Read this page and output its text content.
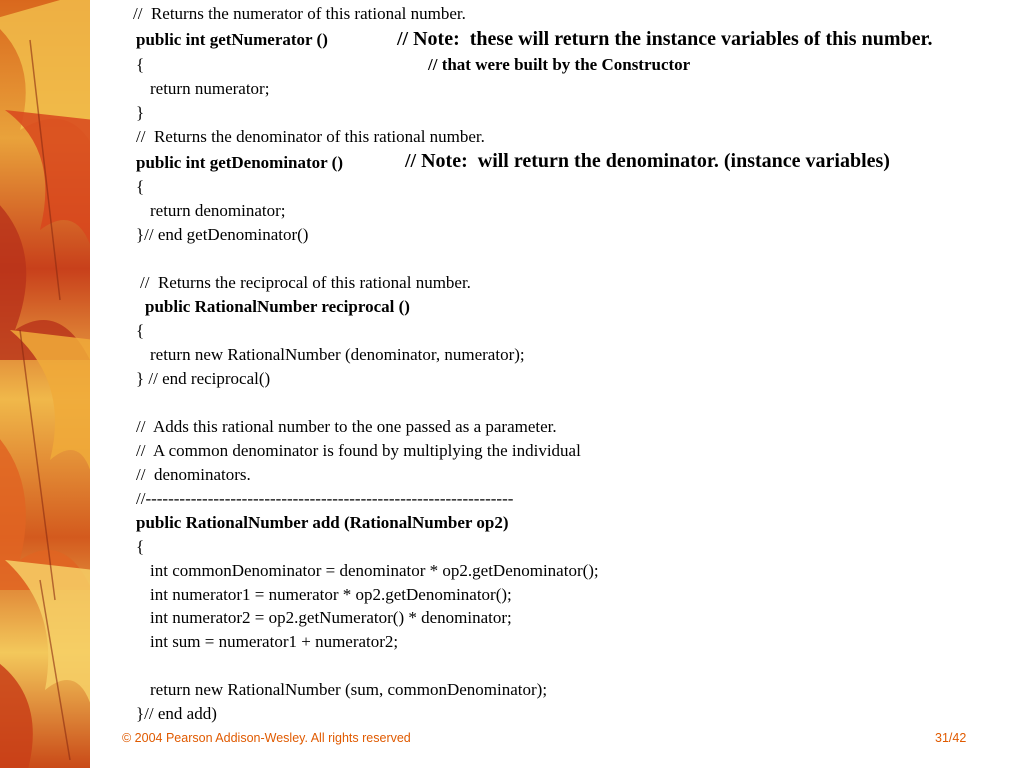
//  Returns the numerator of this rational number.
public int getNumerator ()	// Note:  these will return the instance variables of this number.
{	// that were built by the Constructor
return numerator;
}
//  Returns the denominator of this rational number.
public int getDenominator ()	// Note:  will return the denominator. (instance variables)
{
return denominator;
}// end getDenominator()
//  Returns the reciprocal of this rational number.
public RationalNumber reciprocal ()
{
return new RationalNumber (denominator, numerator);
} // end reciprocal()
//  Adds this rational number to the one passed as a parameter.
//  A common denominator is found by multiplying the individual
//  denominators.
//-----------------------------------------------------------------
public RationalNumber add (RationalNumber op2)
{
int commonDenominator = denominator * op2.getDenominator();
int numerator1 = numerator * op2.getDenominator();
int numerator2 = op2.getNumerator() * denominator;
int sum = numerator1 + numerator2;
return new RationalNumber (sum, commonDenominator);
}// end add)
© 2004 Pearson Addison-Wesley. All rights reserved	31/42
